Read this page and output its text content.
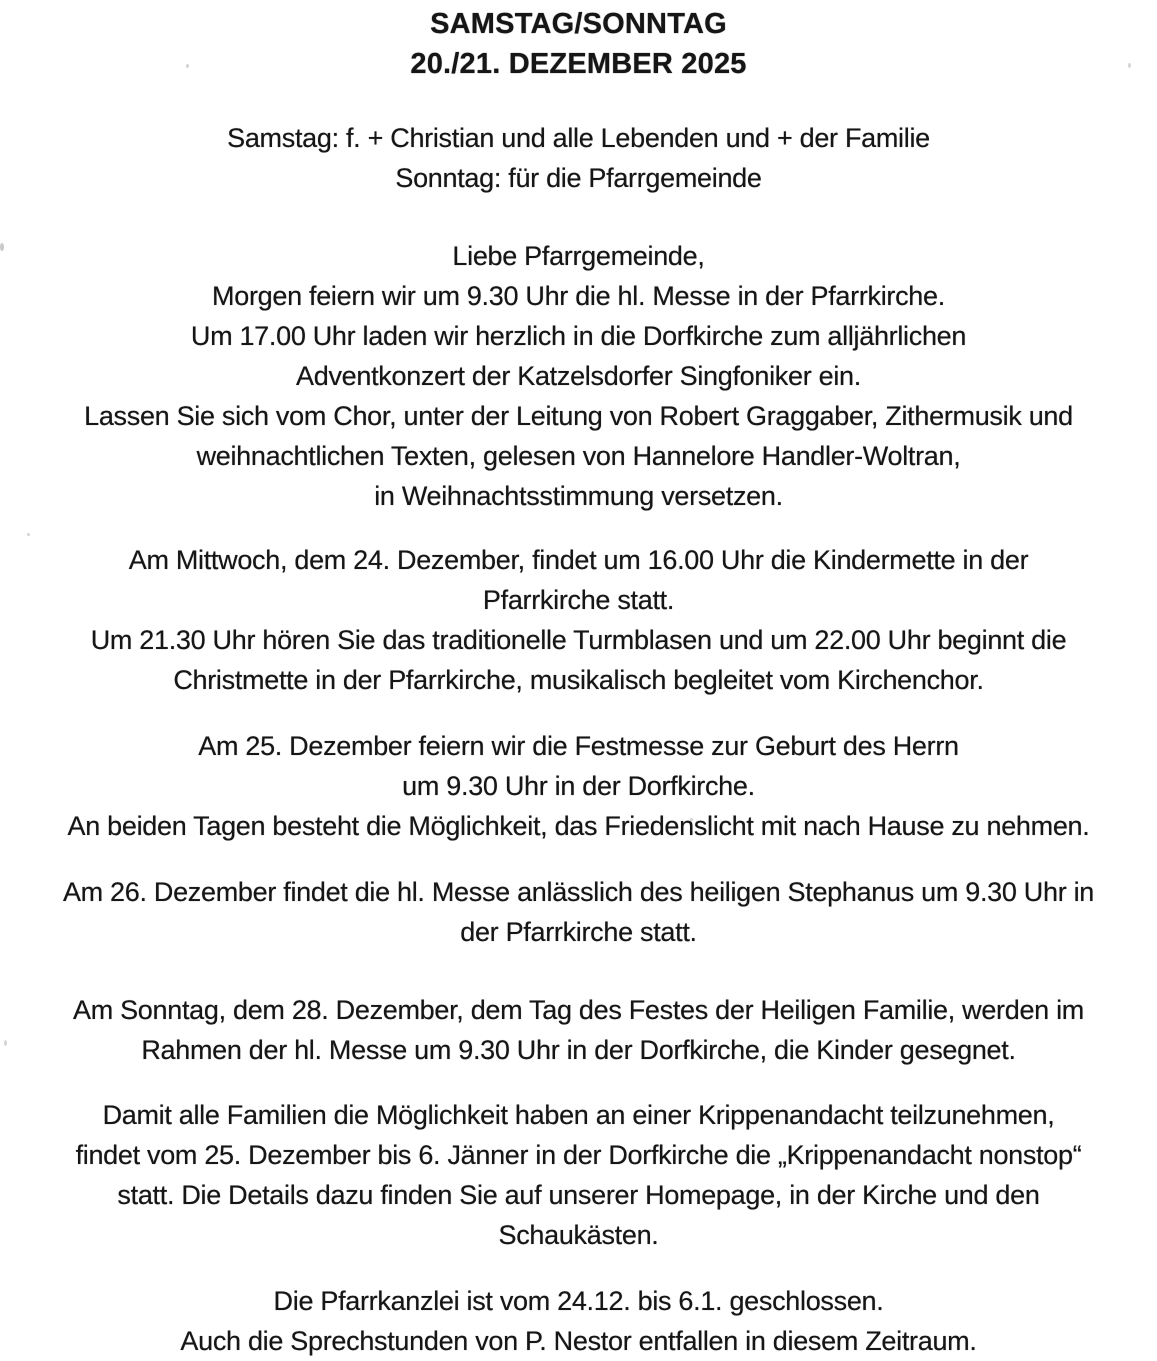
SAMSTAG/SONNTAG
20./21. DEZEMBER 2025
Samstag: f. + Christian und alle Lebenden und + der Familie
Sonntag: für die Pfarrgemeinde
Liebe Pfarrgemeinde,
Morgen feiern wir um 9.30 Uhr die hl. Messe in der Pfarrkirche.
Um 17.00 Uhr laden wir herzlich in die Dorfkirche zum alljährlichen
Adventkonzert der Katzelsdorfer Singfoniker ein.
Lassen Sie sich vom Chor, unter der Leitung von Robert Graggaber, Zithermusik und
weihnachtlichen Texten, gelesen von Hannelore Handler-Woltran,
in Weihnachtsstimmung versetzen.
Am Mittwoch, dem 24. Dezember, findet um 16.00 Uhr die Kindermette in der
Pfarrkirche statt.
Um 21.30 Uhr hören Sie das traditionelle Turmblasen und um 22.00 Uhr beginnt die
Christmette in der Pfarrkirche, musikalisch begleitet vom Kirchenchor.
Am 25. Dezember feiern wir die Festmesse zur Geburt des Herrn
um 9.30 Uhr in der Dorfkirche.
An beiden Tagen besteht die Möglichkeit, das Friedenslicht mit nach Hause zu nehmen.
Am 26. Dezember findet die hl. Messe anlässlich des heiligen Stephanus um 9.30 Uhr in
der Pfarrkirche statt.
Am Sonntag, dem 28. Dezember, dem Tag des Festes der Heiligen Familie, werden im
Rahmen der hl. Messe um 9.30 Uhr in der Dorfkirche, die Kinder gesegnet.
Damit alle Familien die Möglichkeit haben an einer Krippenandacht teilzunehmen,
findet vom 25. Dezember bis 6. Jänner in der Dorfkirche die „Krippenandacht nonstop“
statt. Die Details dazu finden Sie auf unserer Homepage, in der Kirche und den
Schaukästen.
Die Pfarrkanzlei ist vom 24.12. bis 6.1. geschlossen.
Auch die Sprechstunden von P. Nestor entfallen in diesem Zeitraum.
